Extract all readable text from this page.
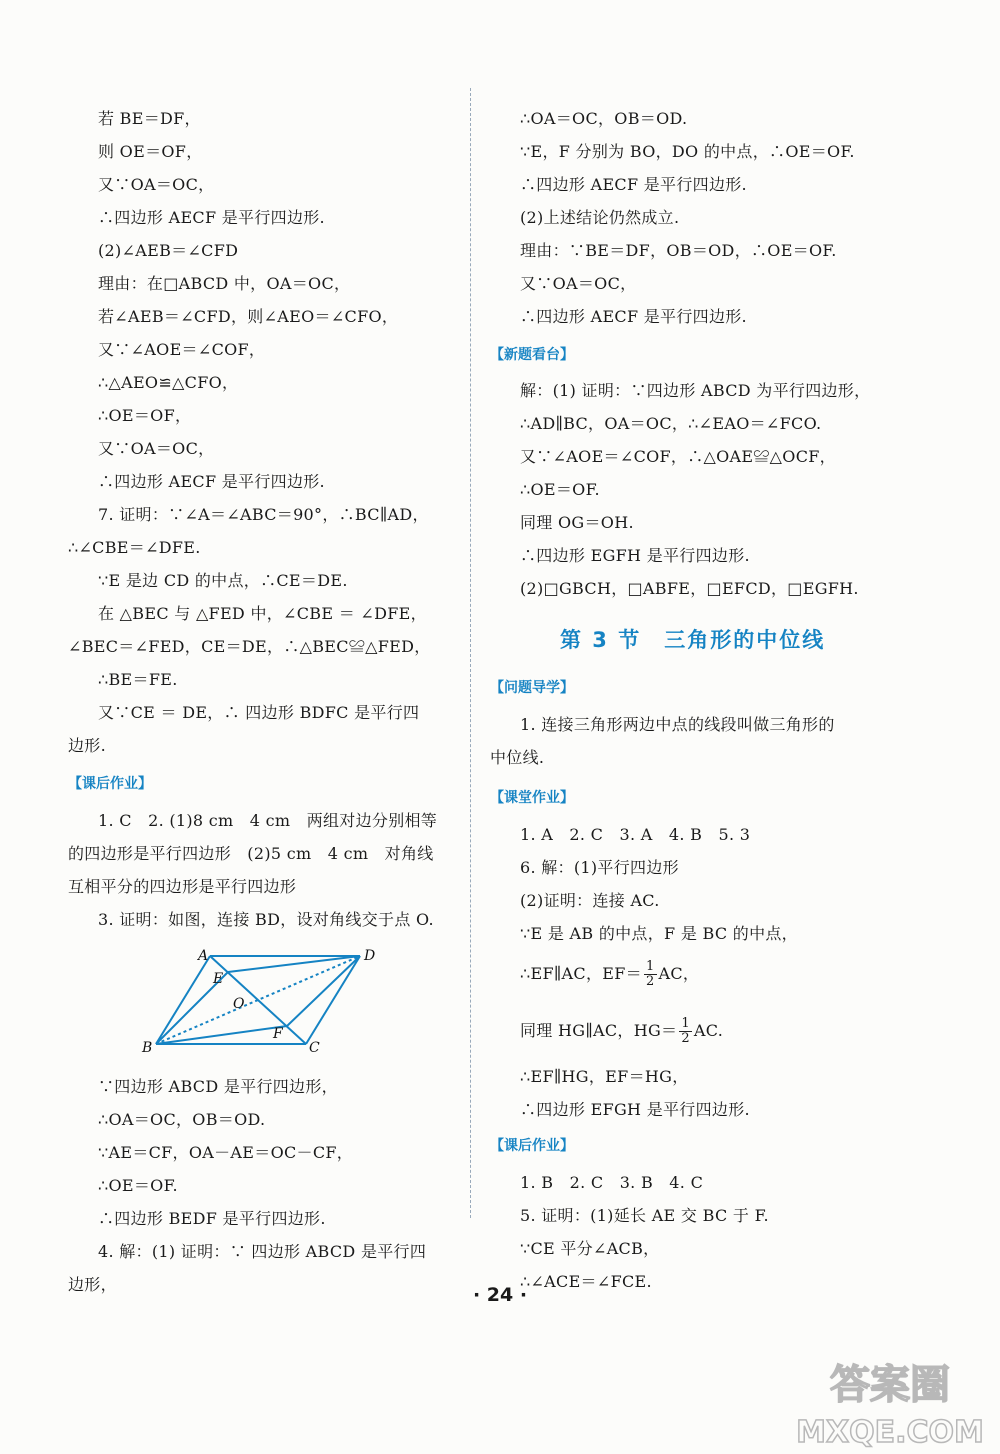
若 BE＝DF，
则 OE＝OF，
又∵OA＝OC，
∴四边形 AECF 是平行四边形.
(2)∠AEB＝∠CFD
理由：在□ABCD 中，OA＝OC，
若∠AEB＝∠CFD，则∠AEO＝∠CFO，
又∵∠AOE＝∠COF，
∴△AEO≌△CFO，
∴OE＝OF，
又∵OA＝OC，
∴四边形 AECF 是平行四边形.
7. 证明：∵∠A＝∠ABC＝90°，∴BC∥AD，
∴∠CBE＝∠DFE.
∵E 是边 CD 的中点，∴CE＝DE.
在 △BEC 与 △FED 中，∠CBE ＝ ∠DFE，
∠BEC＝∠FED，CE＝DE，∴△BEC≌△FED，
∴BE＝FE.
又∵CE ＝ DE，∴ 四边形 BDFC 是平行四
边形.
【课后作业】
1. C　2. (1)8 cm　4 cm　两组对边分别相等
的四边形是平行四边形　(2)5 cm　4 cm　对角线
互相平分的四边形是平行四边形
3. 证明：如图，连接 BD，设对角线交于点 O.
∵四边形 ABCD 是平行四边形，
∴OA＝OC，OB＝OD.
∵AE＝CF，OA－AE＝OC－CF，
∴OE＝OF.
∴四边形 BEDF 是平行四边形.
4. 解：(1) 证明：∵ 四边形 ABCD 是平行四
边形，
A
B	C
D
E
F
O
∴OA＝OC，OB＝OD.
∵E，F 分别为 BO，DO 的中点，∴OE＝OF.
∴四边形 AECF 是平行四边形.
(2)上述结论仍然成立.
理由：∵BE＝DF，OB＝OD，∴OE＝OF.
又∵OA＝OC，
∴四边形 AECF 是平行四边形.
【新题看台】
解：(1) 证明：∵四边形 ABCD 为平行四边形，
∴AD∥BC，OA＝OC，∴∠EAO＝∠FCO.
又∵∠AOE＝∠COF，∴△OAE≌△OCF，
∴OE＝OF.
同理 OG＝OH.
∴四边形 EGFH 是平行四边形.
(2)□GBCH，□ABFE，□EFCD，□EGFH.
第 3 节　三角形的中位线
【问题导学】
1. 连接三角形两边中点的线段叫做三角形的
中位线.
【课堂作业】
1. A　2. C　3. A　4. B　5. 3
6. 解：(1)平行四边形
(2)证明：连接 AC.
∵E 是 AB 的中点，F 是 BC 的中点，
∴EF∥AC，$EF= \frac{1}{2}$ AC，
同理 HG∥AC，$HG= \frac{1}{2}$ AC.
∴EF∥HG，EF＝HG，
∴四边形 EFGH 是平行四边形.
【课后作业】
1. B　2. C　3. B　4. C
5. 证明：(1)延长 AE 交 BC 于 F.
∵CE 平分∠ACB，
∴∠ACE＝∠FCE.
· 24 ·
答案圈
MXQE.COM
